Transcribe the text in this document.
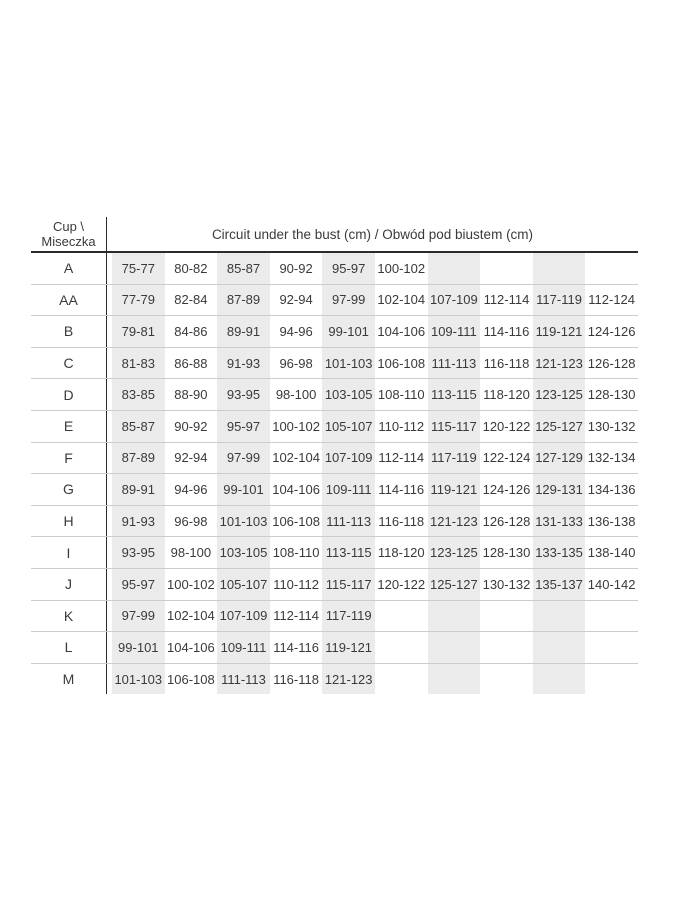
Cup \
Miseczka	Circuit under the bust (cm) / Obwód pod biustem (cm)
A	75-77	80-82	85-87	90-92	95-97 100-102
AA	77-79	82-84	87-89	92-94	97-99 102-104 107-109 112-114 117-119 112-124
B	79-81	84-86	89-91	94-96	99-101 104-106 109-111 114-116 119-121 124-126
C	81-83	86-88	91-93	96-98 101-103 106-108 111-113 116-118 121-123 126-128
D	83-85	88-90	93-95	98-100 103-105 108-110 113-115 118-120 123-125 128-130
E	85-87	90-92	95-97 100-102 105-107 110-112 115-117 120-122 125-127 130-132
F	87-89	92-94	97-99 102-104 107-109 112-114 117-119 122-124 127-129 132-134
G	89-91	94-96	99-101 104-106 109-111 114-116 119-121 124-126 129-131 134-136
H	91-93	96-98 101-103 106-108 111-113 116-118 121-123 126-128 131-133 136-138
I	93-95	98-100 103-105 108-110 113-115 118-120 123-125 128-130 133-135 138-140
J	95-97 100-102 105-107 110-112 115-117 120-122 125-127 130-132 135-137 140-142
K	97-99 102-104 107-109 112-114 117-119
L	99-101 104-106 109-111 114-116 119-121
M	101-103 106-108 111-113 116-118 121-123
